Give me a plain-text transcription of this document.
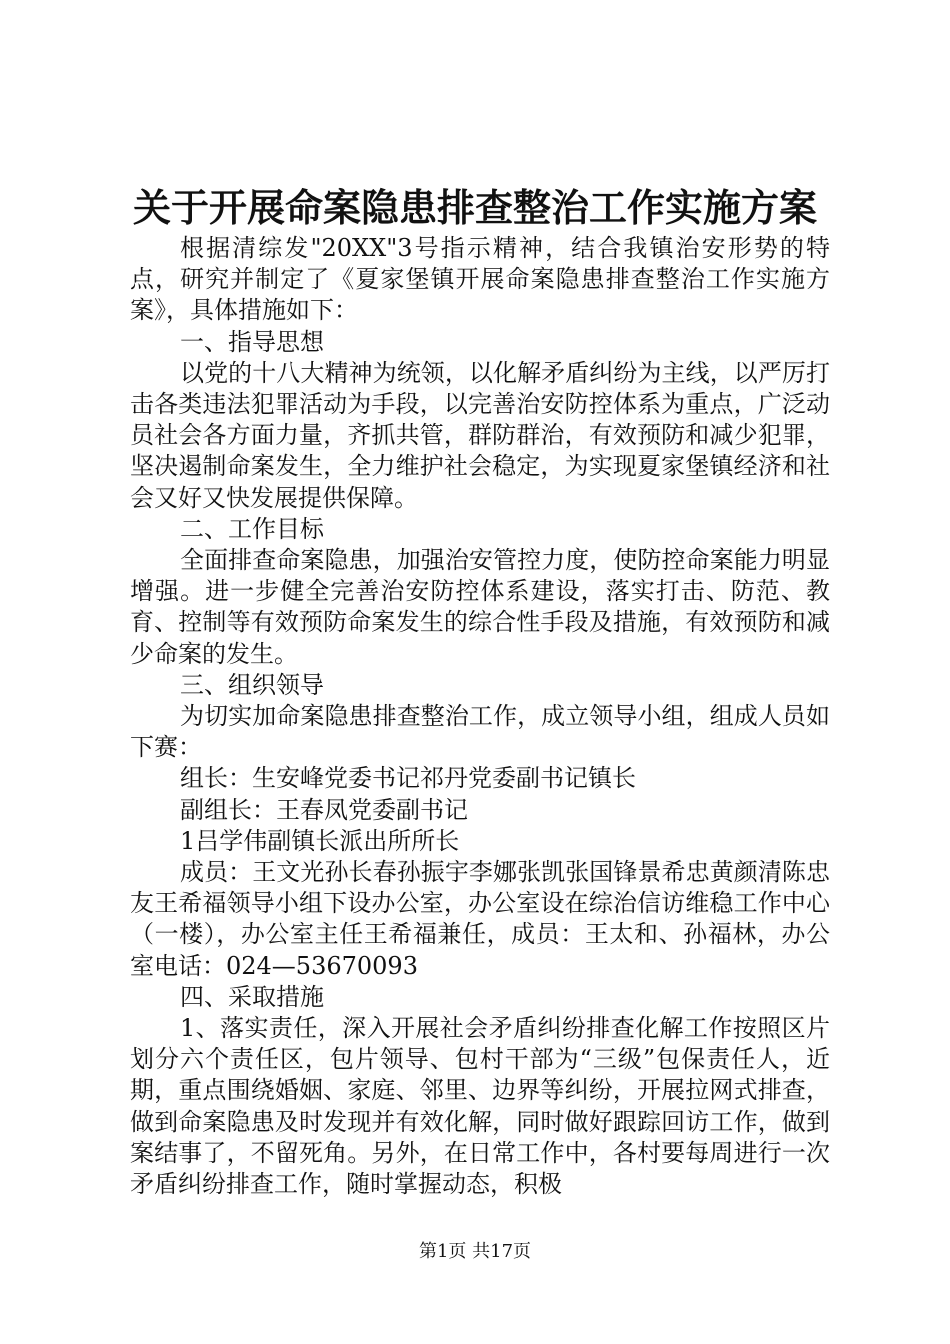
关于开展命案隐患排查整治工作实施方案

根据清综发"20XX"3号指示精神，结合我镇治安形势的特点，研究并制定了《夏家堡镇开展命案隐患排查整治工作实施方案》，具体措施如下：

一、指导思想

以党的十八大精神为统领，以化解矛盾纠纷为主线，以严厉打击各类违法犯罪活动为手段，以完善治安防控体系为重点，广泛动员社会各方面力量，齐抓共管，群防群治，有效预防和减少犯罪，坚决遏制命案发生，全力维护社会稳定，为实现夏家堡镇经济和社会又好又快发展提供保障。

二、工作目标

全面排查命案隐患，加强治安管控力度，使防控命案能力明显增强。进一步健全完善治安防控体系建设，落实打击、防范、教育、控制等有效预防命案发生的综合性手段及措施，有效预防和减少命案的发生。

三、组织领导

为切实加命案隐患排查整治工作，成立领导小组，组成人员如下赛：

组长：生安峰党委书记祁丹党委副书记镇长

副组长：王春凤党委副书记

1吕学伟副镇长派出所所长

成员：王文光孙长春孙振宇李娜张凯张国锋景希忠黄颜清陈忠友王希福领导小组下设办公室，办公室设在综治信访维稳工作中心（一楼），办公室主任王希福兼任，成员：王太和、孙福林，办公室电话：024—53670093

四、采取措施

1、落实责任，深入开展社会矛盾纠纷排查化解工作按照区片划分六个责任区，包片领导、包村干部为“三级”包保责任人，近期，重点围绕婚姻、家庭、邻里、边界等纠纷，开展拉网式排查，做到命案隐患及时发现并有效化解，同时做好跟踪回访工作，做到案结事了，不留死角。另外，在日常工作中，各村要每周进行一次矛盾纠纷排查工作，随时掌握动态，积极

第1页 共17页
